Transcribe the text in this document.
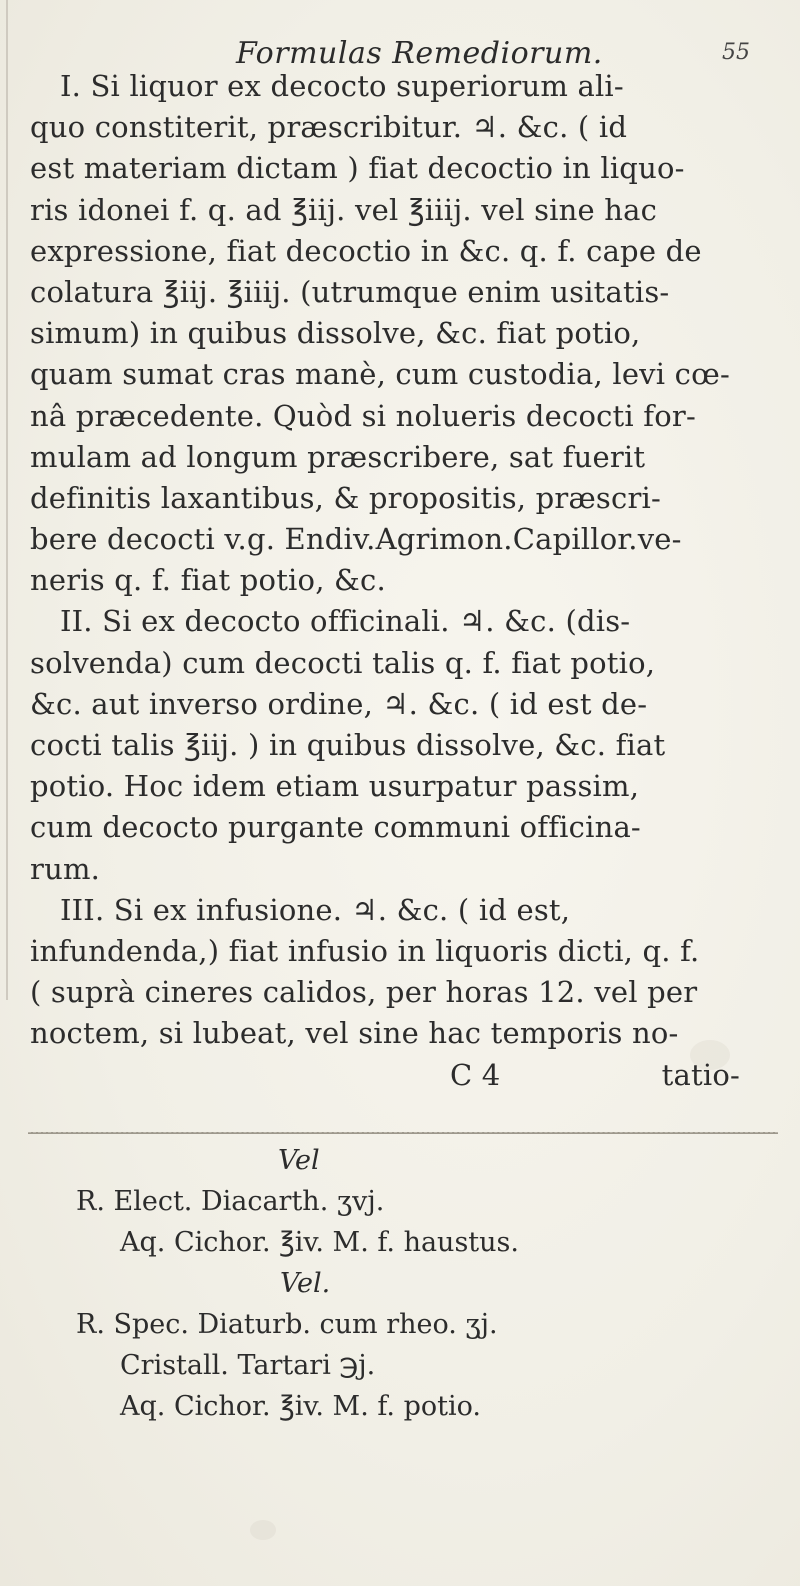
Formulas Remediorum.	55
I. Si liquor ex decocto superiorum ali-
quo constiterit, præscribitur. ♃. &c. ( id
est materiam dictam ) fiat decoctio in liquo-
ris idonei f. q. ad ℥iij. vel ℥iiij. vel sine hac
expressione, fiat decoctio in &c. q. f. cape de
colatura ℥iij. ℥iiij. (utrumque enim usitatis-
simum) in quibus dissolve, &c. fiat potio,
quam sumat cras manè, cum custodia, levi cœ-
nâ præcedente. Quòd si nolueris decocti for-
mulam ad longum præscribere, sat fuerit
definitis laxantibus, & propositis, præscri-
bere decocti v.g. Endiv.Agrimon.Capillor.ve-
neris q. f. fiat potio, &c.
II. Si ex decocto officinali. ♃. &c. (dis-
solvenda) cum decocti talis q. f. fiat potio,
&c. aut inverso ordine, ♃. &c. ( id est de-
cocti talis ℥iij. ) in quibus dissolve, &c. fiat
potio. Hoc idem etiam usurpatur passim,
cum decocto purgante communi officina-
rum.
III. Si ex infusione. ♃. &c. ( id est,
infundenda,) fiat infusio in liquoris dicti, q. f.
( suprà cineres calidos, per horas 12. vel per
noctem, si lubeat, vel sine hac temporis no-
C 4	tatio-
Vel
R. Elect. Diacarth. ʒvj.
Aq. Cichor. ℥iv. M. f. haustus.
Vel.
R. Spec. Diaturb. cum rheo. ʒj.
Cristall. Tartari ℈j.
Aq. Cichor. ℥iv. M. f. potio.
